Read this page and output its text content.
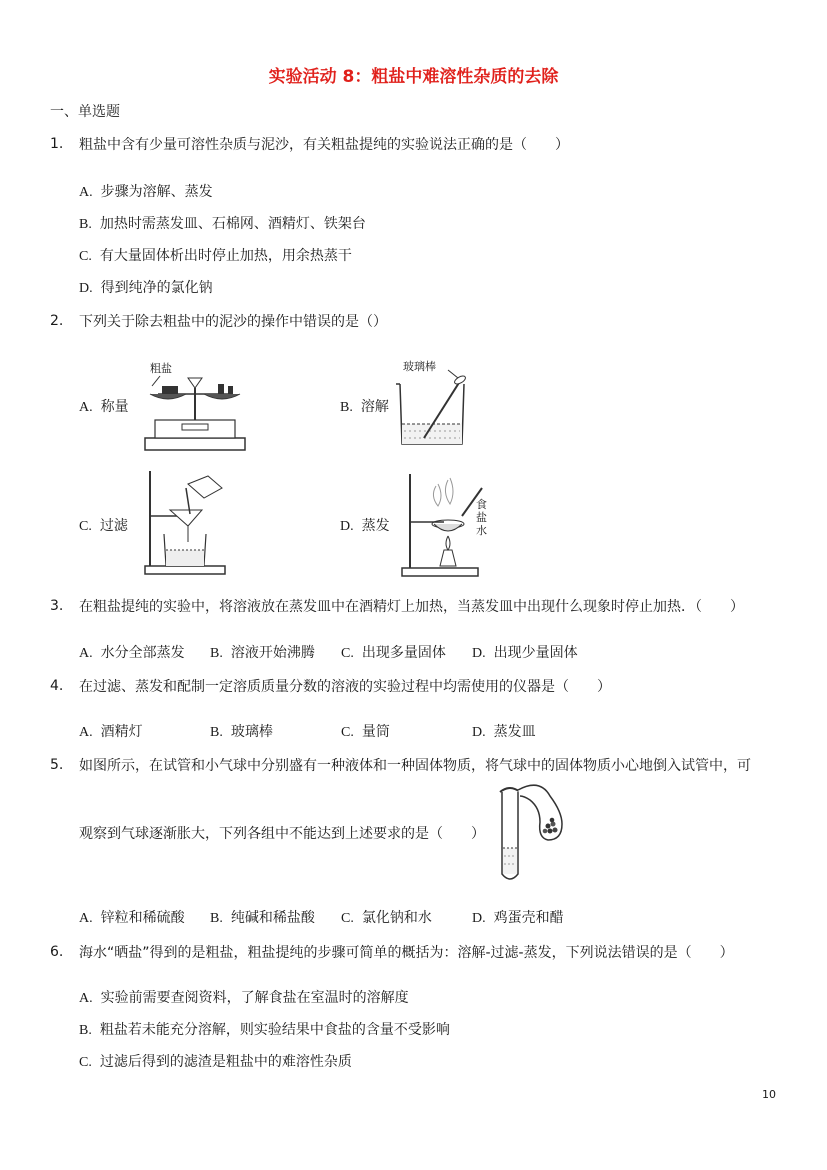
实验活动 8：粗盐中难溶性杂质的去除
一、单选题
1. 粗盐中含有少量可溶性杂质与泥沙，有关粗盐提纯的实验说法正确的是（　　）
A. 步骤为溶解、蒸发
B. 加热时需蒸发皿、石棉网、酒精灯、铁架台
C. 有大量固体析出时停止加热，用余热蒸干
D. 得到纯净的氯化钠
2. 下列关于除去粗盐中的泥沙的操作中错误的是（）
A. 称量
粗盐
B. 溶解
玻璃棒
C. 过滤	D. 蒸发
食盐水
3. 在粗盐提纯的实验中，将溶液放在蒸发皿中在酒精灯上加热，当蒸发皿中出现什么现象时停止加热．（　　）
A. 水分全部蒸发 B. 溶液开始沸腾 C. 出现多量固体 D. 出现少量固体
4. 在过滤、蒸发和配制一定溶质质量分数的溶液的实验过程中均需使用的仪器是（　　）
A. 酒精灯	B. 玻璃棒	C. 量筒	D. 蒸发皿
5. 如图所示，在试管和小气球中分别盛有一种液体和一种固体物质，将气球中的固体物质小心地倒入试管中，可
观察到气球逐渐胀大，下列各组中不能达到上述要求的是（　　）
A. 锌粒和稀硫酸 B. 纯碱和稀盐酸 C. 氯化钠和水	D. 鸡蛋壳和醋
6. 海水“晒盐”得到的是粗盐，粗盐提纯的步骤可简单的概括为：溶解-过滤-蒸发，下列说法错误的是（　　）
A. 实验前需要查阅资料，了解食盐在室温时的溶解度
B. 粗盐若未能充分溶解，则实验结果中食盐的含量不受影响
C. 过滤后得到的滤渣是粗盐中的难溶性杂质
10
